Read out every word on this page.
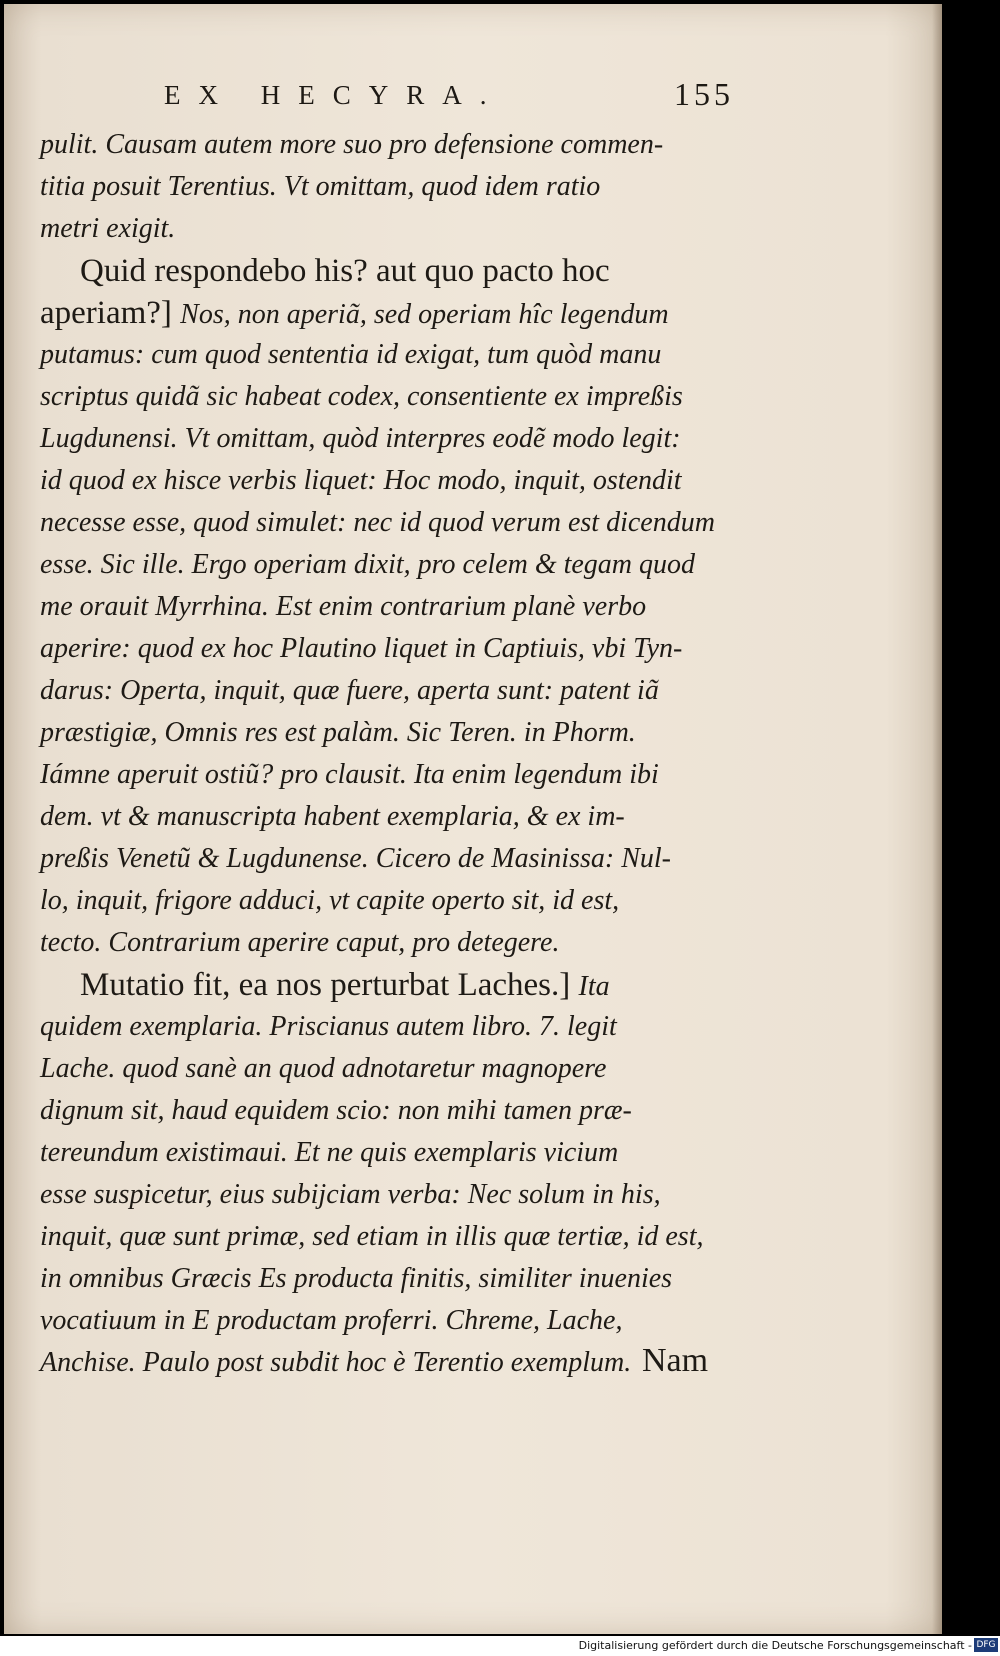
EX HECYRA.	155
pulit. Causam autem more suo pro defensione commen-
titia posuit Terentius. Vt omittam, quod idem ratio
metri exigit.
Quid respondebo his? aut quo pacto hoc
aperiam?] Nos, non aperiã, sed operiam hîc legendum
putamus: cum quod sententia id exigat, tum quòd manu
scriptus quidã sic habeat codex, consentiente ex impreßis
Lugdunensi. Vt omittam, quòd interpres eodẽ modo legit:
id quod ex hisce verbis liquet: Hoc modo, inquit, ostendit
necesse esse, quod simulet: nec id quod verum est dicendum
esse. Sic ille. Ergo operiam dixit, pro celem & tegam quod
me orauit Myrrhina. Est enim contrarium planè verbo
aperire: quod ex hoc Plautino liquet in Captiuis, vbi Tyn-
darus: Operta, inquit, quæ fuere, aperta sunt: patent iã
præstigiæ, Omnis res est palàm. Sic Teren. in Phorm.
Iámne aperuit ostiũ? pro clausit. Ita enim legendum ibi
dem. vt & manuscripta habent exemplaria, & ex im-
preßis Venetũ & Lugdunense. Cicero de Masinissa: Nul-
lo, inquit, frigore adduci, vt capite operto sit, id est,
tecto. Contrarium aperire caput, pro detegere.
Mutatio fit, ea nos perturbat Laches.] Ita
quidem exemplaria. Priscianus autem libro. 7. legit
Lache. quod sanè an quod adnotaretur magnopere
dignum sit, haud equidem scio: non mihi tamen præ-
tereundum existimaui. Et ne quis exemplaris vicium
esse suspicetur, eius subijciam verba: Nec solum in his,
inquit, quæ sunt primæ, sed etiam in illis quæ tertiæ, id est,
in omnibus Græcis Es producta finitis, similiter inuenies
vocatiuum in E productam proferri. Chreme, Lache,
Anchise. Paulo post subdit hoc è Terentio exemplum. Nam
Digitalisierung gefördert durch die Deutsche Forschungsgemeinschaft - DFG
